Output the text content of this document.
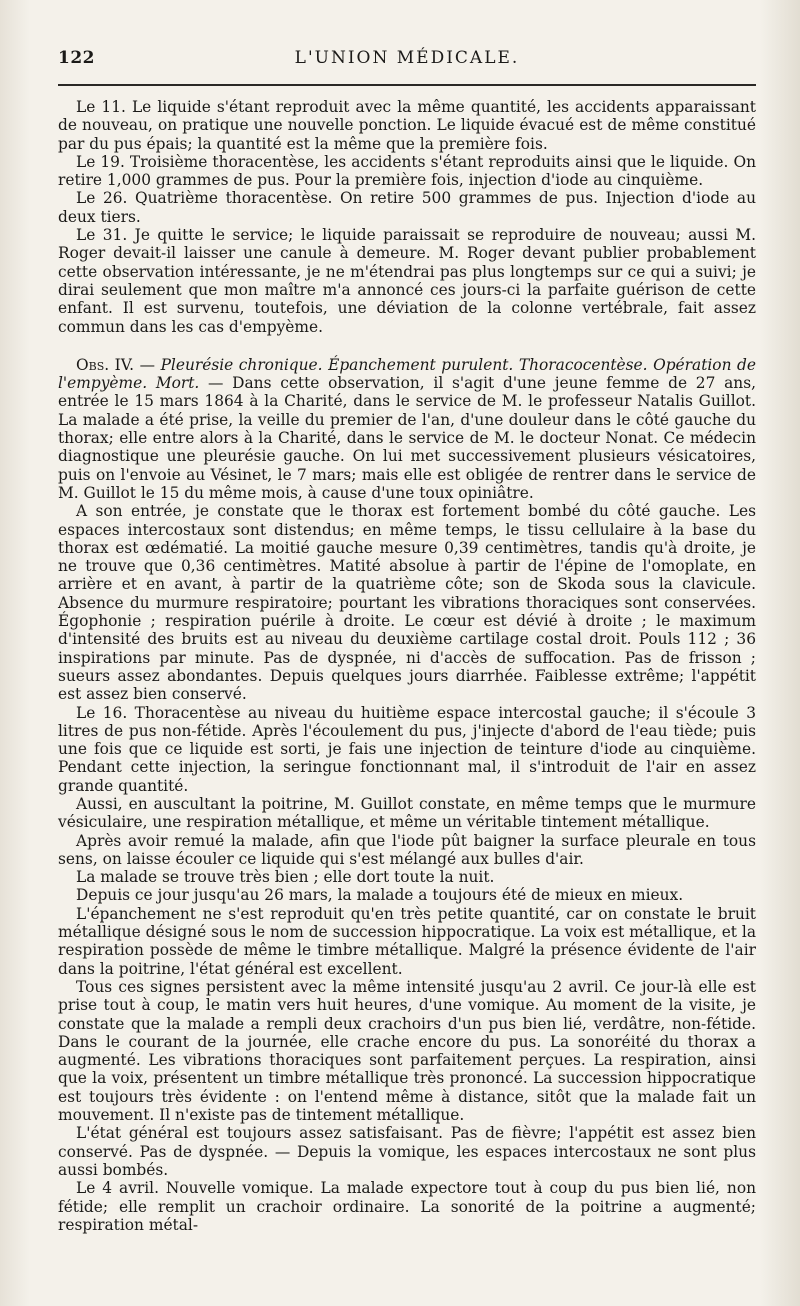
122	L'UNION MÉDICALE.

Le 11. Le liquide s'étant reproduit avec la même quantité, les accidents apparaissant de nouveau, on pratique une nouvelle ponction. Le liquide évacué est de même constitué par du pus épais; la quantité est la même que la première fois.

Le 19. Troisième thoracentèse, les accidents s'étant reproduits ainsi que le liquide. On retire 1,000 grammes de pus. Pour la première fois, injection d'iode au cinquième.

Le 26. Quatrième thoracentèse. On retire 500 grammes de pus. Injection d'iode au deux tiers.

Le 31. Je quitte le service; le liquide paraissait se reproduire de nouveau; aussi M. Roger devait-il laisser une canule à demeure. M. Roger devant publier probablement cette observation intéressante, je ne m'étendrai pas plus longtemps sur ce qui a suivi; je dirai seulement que mon maître m'a annoncé ces jours-ci la parfaite guérison de cette enfant. Il est survenu, toutefois, une déviation de la colonne vertébrale, fait assez commun dans les cas d'empyème.

Obs. IV. — Pleurésie chronique. Épanchement purulent. Thoracocentèse. Opération de l'empyème. Mort. — Dans cette observation, il s'agit d'une jeune femme de 27 ans, entrée le 15 mars 1864 à la Charité, dans le service de M. le professeur Natalis Guillot. La malade a été prise, la veille du premier de l'an, d'une douleur dans le côté gauche du thorax; elle entre alors à la Charité, dans le service de M. le docteur Nonat. Ce médecin diagnostique une pleurésie gauche. On lui met successivement plusieurs vésicatoires, puis on l'envoie au Vésinet, le 7 mars; mais elle est obligée de rentrer dans le service de M. Guillot le 15 du même mois, à cause d'une toux opiniâtre.

A son entrée, je constate que le thorax est fortement bombé du côté gauche. Les espaces intercostaux sont distendus; en même temps, le tissu cellulaire à la base du thorax est œdématié. La moitié gauche mesure 0,39 centimètres, tandis qu'à droite, je ne trouve que 0,36 centimètres. Matité absolue à partir de l'épine de l'omoplate, en arrière et en avant, à partir de la quatrième côte; son de Skoda sous la clavicule. Absence du murmure respiratoire; pourtant les vibrations thoraciques sont conservées. Égophonie ; respiration puérile à droite. Le cœur est dévié à droite ; le maximum d'intensité des bruits est au niveau du deuxième cartilage costal droit. Pouls 112 ; 36 inspirations par minute. Pas de dyspnée, ni d'accès de suffocation. Pas de frisson ; sueurs assez abondantes. Depuis quelques jours diarrhée. Faiblesse extrême; l'appétit est assez bien conservé.

Le 16. Thoracentèse au niveau du huitième espace intercostal gauche; il s'écoule 3 litres de pus non-fétide. Après l'écoulement du pus, j'injecte d'abord de l'eau tiède; puis une fois que ce liquide est sorti, je fais une injection de teinture d'iode au cinquième. Pendant cette injection, la seringue fonctionnant mal, il s'introduit de l'air en assez grande quantité.

Aussi, en auscultant la poitrine, M. Guillot constate, en même temps que le murmure vésiculaire, une respiration métallique, et même un véritable tintement métallique.

Après avoir remué la malade, afin que l'iode pût baigner la surface pleurale en tous sens, on laisse écouler ce liquide qui s'est mélangé aux bulles d'air.

La malade se trouve très bien ; elle dort toute la nuit.

Depuis ce jour jusqu'au 26 mars, la malade a toujours été de mieux en mieux.

L'épanchement ne s'est reproduit qu'en très petite quantité, car on constate le bruit métallique désigné sous le nom de succession hippocratique. La voix est métallique, et la respiration possède de même le timbre métallique. Malgré la présence évidente de l'air dans la poitrine, l'état général est excellent.

Tous ces signes persistent avec la même intensité jusqu'au 2 avril. Ce jour-là elle est prise tout à coup, le matin vers huit heures, d'une vomique. Au moment de la visite, je constate que la malade a rempli deux crachoirs d'un pus bien lié, verdâtre, non-fétide. Dans le courant de la journée, elle crache encore du pus. La sonoréité du thorax a augmenté. Les vibrations thoraciques sont parfaitement perçues. La respiration, ainsi que la voix, présentent un timbre métallique très prononcé. La succession hippocratique est toujours très évidente : on l'entend même à distance, sitôt que la malade fait un mouvement. Il n'existe pas de tintement métallique.

L'état général est toujours assez satisfaisant. Pas de fièvre; l'appétit est assez bien conservé. Pas de dyspnée. — Depuis la vomique, les espaces intercostaux ne sont plus aussi bombés.

Le 4 avril. Nouvelle vomique. La malade expectore tout à coup du pus bien lié, non fétide; elle remplit un crachoir ordinaire. La sonorité de la poitrine a augmenté; respiration métal-
